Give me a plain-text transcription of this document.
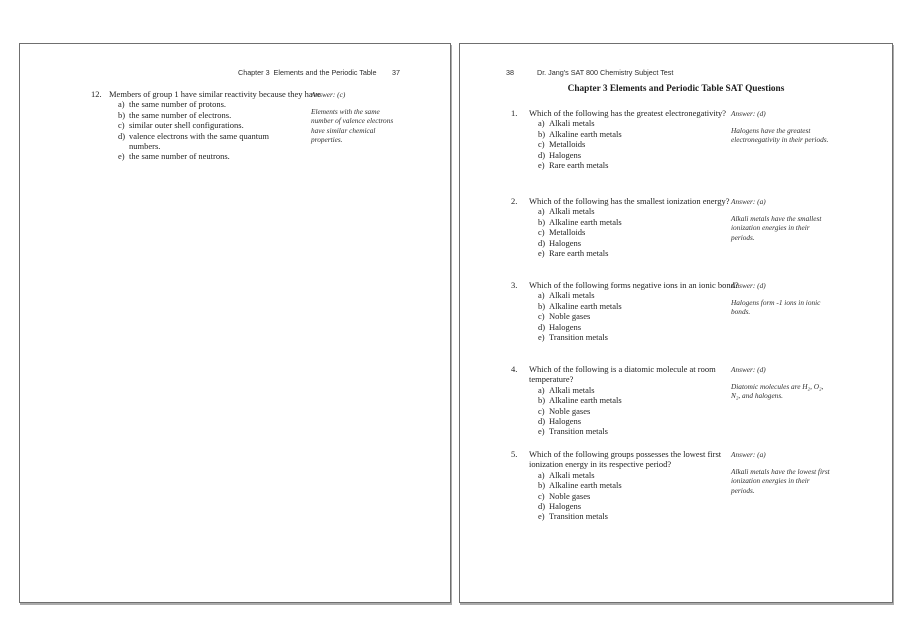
Chapter 3  Elements and the Periodic Table 37
12. Members of group 1 have similar reactivity because they have
a) the same number of protons.
b) the same number of electrons.
c) similar outer shell configurations.
d) valence electrons with the same quantum numbers.
e) the same number of neutrons.
Answer: (c)
Elements with the same number of valence electrons have similar chemical properties.
38	Dr. Jang's SAT 800 Chemistry Subject Test
Chapter 3 Elements and Periodic Table SAT Questions
1.	Which of the following has the greatest electronegativity?
a) Alkali metals
b) Alkaline earth metals
c) Metalloids
d) Halogens
e) Rare earth metals
Answer: (d)
Halogens have the greatest electronegativity in their periods.
2.	Which of the following has the smallest ionization energy?
a) Alkali metals
b) Alkaline earth metals
c) Metalloids
d) Halogens
e) Rare earth metals
Answer: (a)
Alkali metals have the smallest ionization energies in their periods.
3.	Which of the following forms negative ions in an ionic bond?
a) Alkali metals
b) Alkaline earth metals
c) Noble gases
d) Halogens
e) Transition metals
Answer: (d)
Halogens form -1 ions in ionic bonds.
4.	Which of the following is a diatomic molecule at room temperature?
a) Alkali metals
b) Alkaline earth metals
c) Noble gases
d) Halogens
e) Transition metals
Answer: (d)
Diatomic molecules are H₂, O₂, N₂, and halogens.
5.	Which of the following groups possesses the lowest first ionization energy in its respective period?
a) Alkali metals
b) Alkaline earth metals
c) Noble gases
d) Halogens
e) Transition metals
Answer: (a)
Alkali metals have the lowest first ionization energies in their periods.
